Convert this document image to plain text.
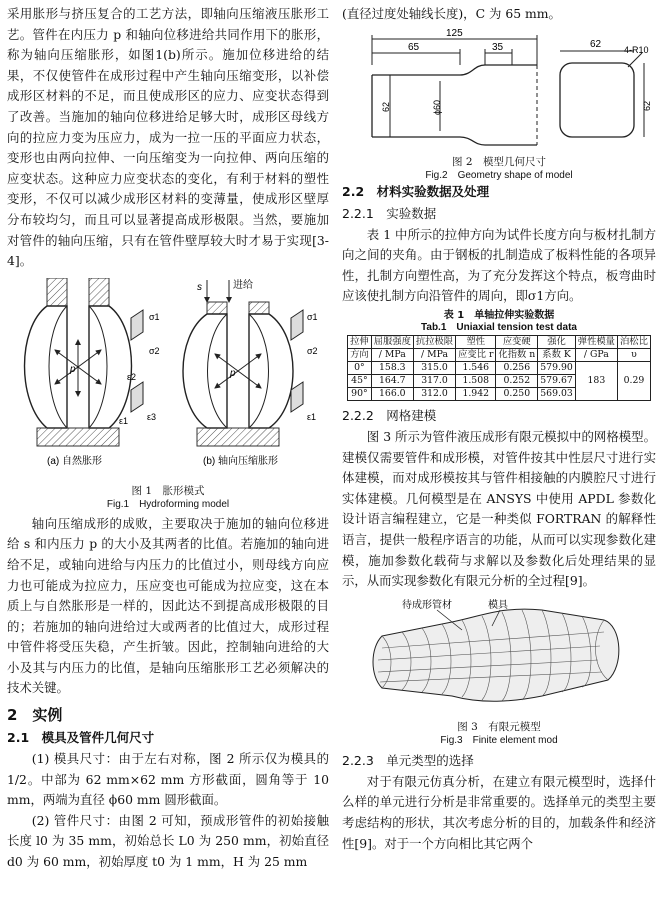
采用胀形与挤压复合的工艺方法，即轴向压缩液压胀形工艺。管件在内压力 p 和轴向位移进给共同作用下的胀形，称为轴向压缩胀形，如图1(b)所示。施加位移进给的结果，不仅使管件在成形过程中产生轴向压缩变形，以补偿成形区材料的不足，而且使成形区的应力、应变状态得到了改善。当施加的轴向位移进给足够大时，成形区母线方向的拉应力变为压应力，成为一拉一压的平面应力状态，变形也由两向拉伸、一向压缩变为一向拉伸、两向压缩的应变状态。这种应力应变状态的变化，有利于材料的塑性变形，不仅可以减少成形区材料的变薄量，使成形区壁厚分布较均匀，而且可以显著提高成形极限。当然，要施加对管件的轴向压缩，只有在管件壁厚较大时才易于实现[3-4]。

p
σ2
σ1
ε2
ε3
ε1
s	进给
p
σ2
σ1
ε1
(a) 自然胀形	(b) 轴向压缩胀形
图 1　胀形模式
Fig.1　Hydroforming model

轴向压缩成形的成败，主要取决于施加的轴向位移进给 s 和内压力 p 的大小及其两者的比值。若施加的轴向进给不足，或轴向进给与内压力的比值过小，则母线方向应力也可能成为拉应力，压应变也可能成为拉应变，这在本质上与自然胀形是一样的，因此达不到提高成形极限的目的；若施加的轴向进给过大或两者的比值过大，成形过程中管件将受压失稳，产生折皱。因此，控制轴向进给的大小及其与内压力的比值，是轴向压缩胀形工艺必须解决的技术关键。

2　实例
2.1　模具及管件几何尺寸

(1) 模具尺寸：由于左右对称，图 2 所示仅为模具的 1/2。中部为 62 mm×62 mm 方形截面，圆角等于 10 mm，两端为直径 ϕ60 mm 圆形截面。

(2) 管件尺寸：由图 2 可知，预成形管件的初始接触长度 l0 为 35 mm，初始总长 L0 为 250 mm，初始直径 d0 为 60 mm，初始厚度 t0 为 1 mm，H 为 25 mm

(直径过度处轴线长度)，C 为 65 mm。

125
65	35	62	4-R10
62	ϕ60	62
图 2　模型几何尺寸
Fig.2　Geometry shape of model
2.2　材料实验数据及处理
2.2.1　实验数据

表 1 中所示的拉伸方向为试件长度方向与板材扎制方向之间的夹角。由于钢板的扎制造成了板料性能的各项异性，扎制方向塑性高，为了充分发挥这个特点，板弯曲时应该使扎制方向沿管件的周向，即σ1方向。

表 1　单轴拉伸实验数据
Tab.1　Uniaxial tension test data
拉伸	屈服强度	抗拉极限	塑性	应变硬	强化	弹性模量	泊松比
方向	/ MPa	/ MPa	应变比 r	化指数 n	系数 K	/ GPa	υ
0°	158.3	315.0	1.546	0.256	579.90	183	0.29
45°	164.7	317.0	1.508	0.252	579.67		
90°	166.0	312.0	1.942	0.250	569.03		
2.2.2　网格建模

图 3 所示为管件液压成形有限元模拟中的网格模型。建模仅需要管件和成形模，对管件按其中性层尺寸进行实体建模，而对成形模按其与管件相接触的内膜腔尺寸进行实体建模。几何模型是在 ANSYS 中使用 APDL 参数化设计语言编程建立，它是一种类似 FORTRAN 的解释性语言，提供一般程序语言的功能，从而可以实现参数化建模，施加参数化载荷与求解以及参数化后处理结果的显示，从而实现参数化有限元分析的全过程[9]。

待成形管材	模具
图 3　有限元模型
Fig.3　Finite element mod
2.2.3　单元类型的选择

对于有限元仿真分析，在建立有限元模型时，选择什么样的单元进行分析是非常重要的。选择单元的类型主要考虑结构的形状，其次考虑分析的目的，加载条件和经济性[9]。对于一个方向相比其它两个
